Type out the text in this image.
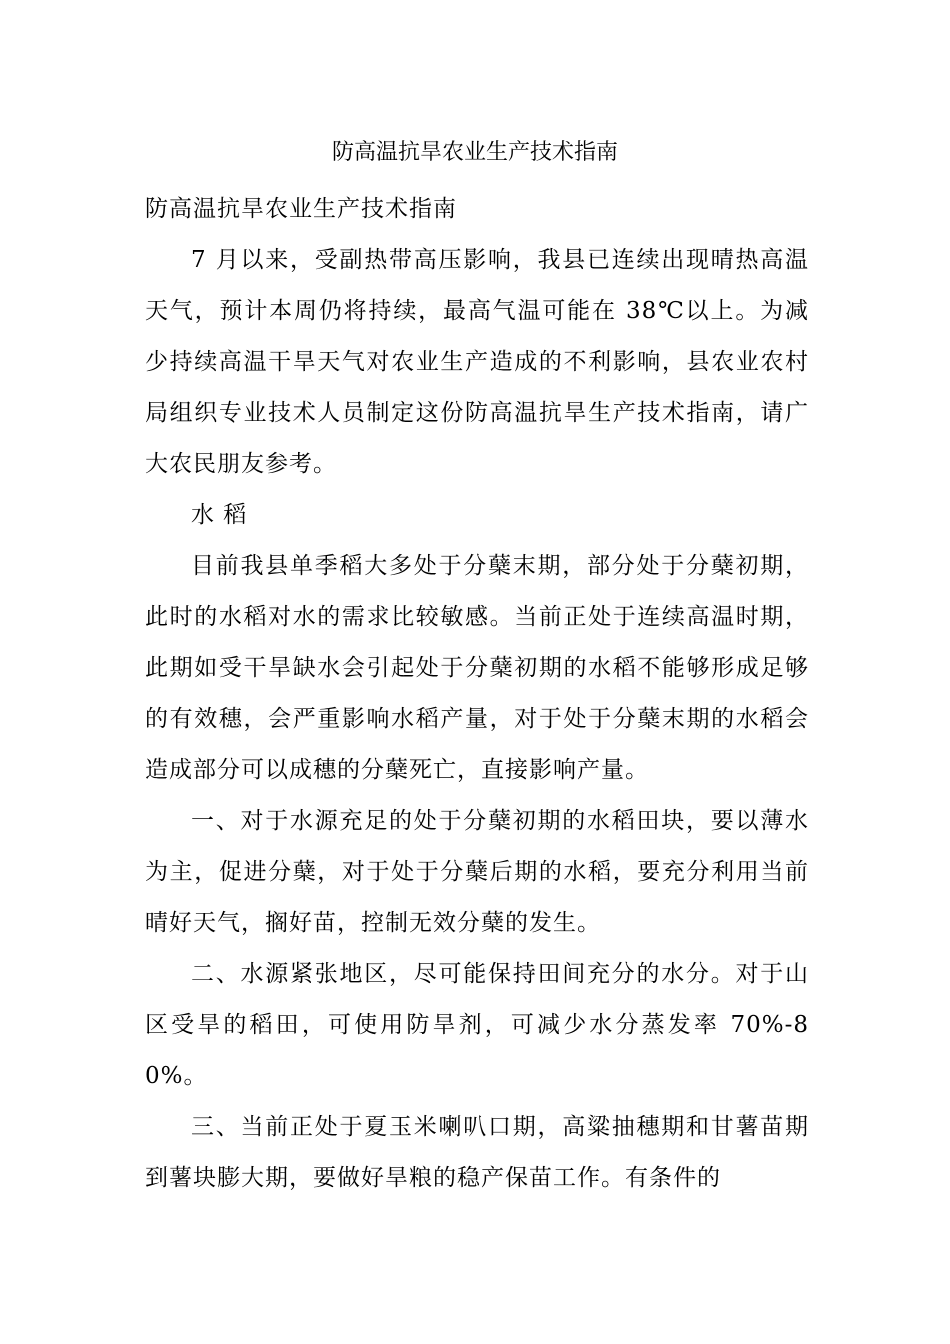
防高温抗旱农业生产技术指南

防高温抗旱农业生产技术指南

7 月以来，受副热带高压影响，我县已连续出现晴热高温天气，预计本周仍将持续，最高气温可能在 38℃以上。为减少持续高温干旱天气对农业生产造成的不利影响，县农业农村局组织专业技术人员制定这份防高温抗旱生产技术指南，请广大农民朋友参考。

水 稻

目前我县单季稻大多处于分蘖末期，部分处于分蘖初期，此时的水稻对水的需求比较敏感。当前正处于连续高温时期，此期如受干旱缺水会引起处于分蘖初期的水稻不能够形成足够的有效穗，会严重影响水稻产量，对于处于分蘖末期的水稻会造成部分可以成穗的分蘖死亡，直接影响产量。

一、对于水源充足的处于分蘖初期的水稻田块，要以薄水为主，促进分蘖，对于处于分蘖后期的水稻，要充分利用当前晴好天气，搁好苗，控制无效分蘖的发生。

二、水源紧张地区，尽可能保持田间充分的水分。对于山区受旱的稻田，可使用防旱剂，可减少水分蒸发率 70%-80%。

三、当前正处于夏玉米喇叭口期，高粱抽穗期和甘薯苗期到薯块膨大期，要做好旱粮的稳产保苗工作。有条件的
